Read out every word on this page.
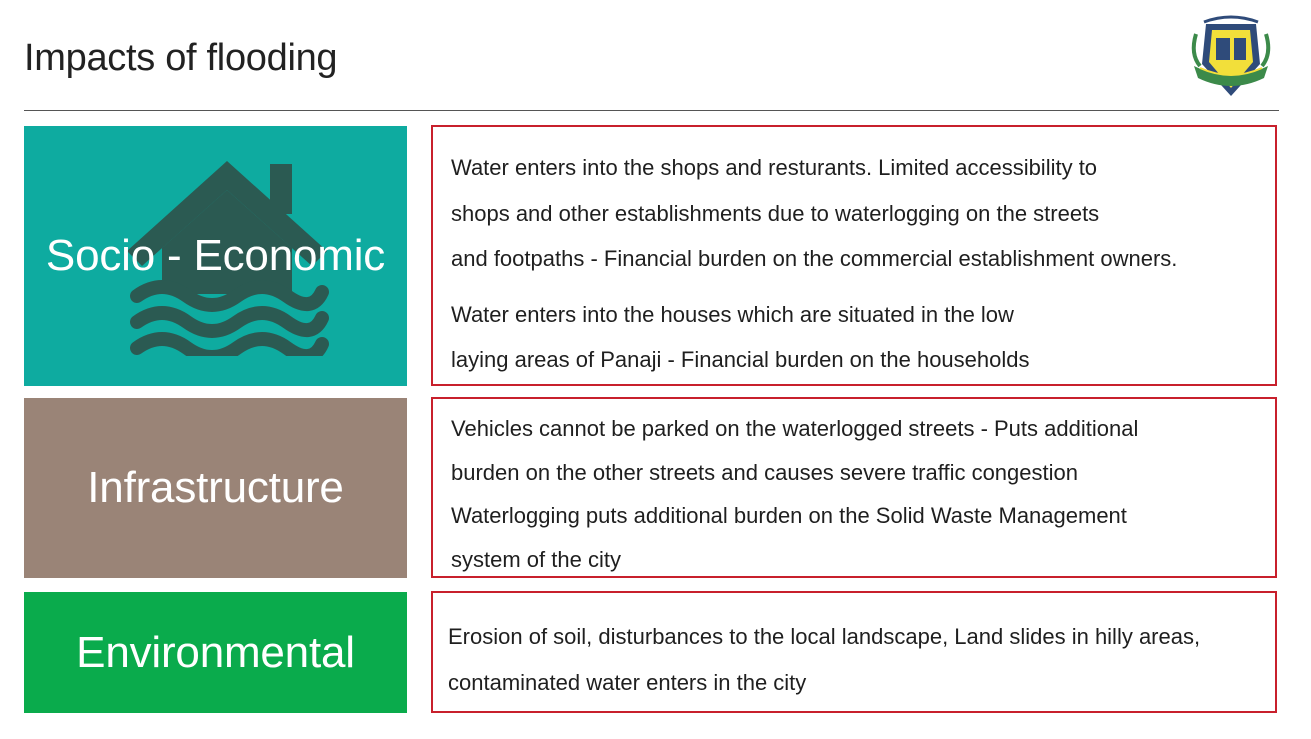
Impacts of flooding
Socio - Economic
Water enters into the shops and resturants. Limited accessibility to
shops and other establishments due to waterlogging on the streets
and footpaths - Financial burden on the commercial establishment owners.
Water enters into the houses which are situated in the low
laying areas of Panaji - Financial burden on the households
Infrastructure
Vehicles cannot be parked on the waterlogged streets - Puts additional
burden on the other streets and causes severe traffic congestion
Waterlogging puts additional burden on the Solid Waste Management
system of the city
Environmental	Erosion of soil, disturbances to the local landscape, Land slides in hilly areas,
contaminated water enters in the city
